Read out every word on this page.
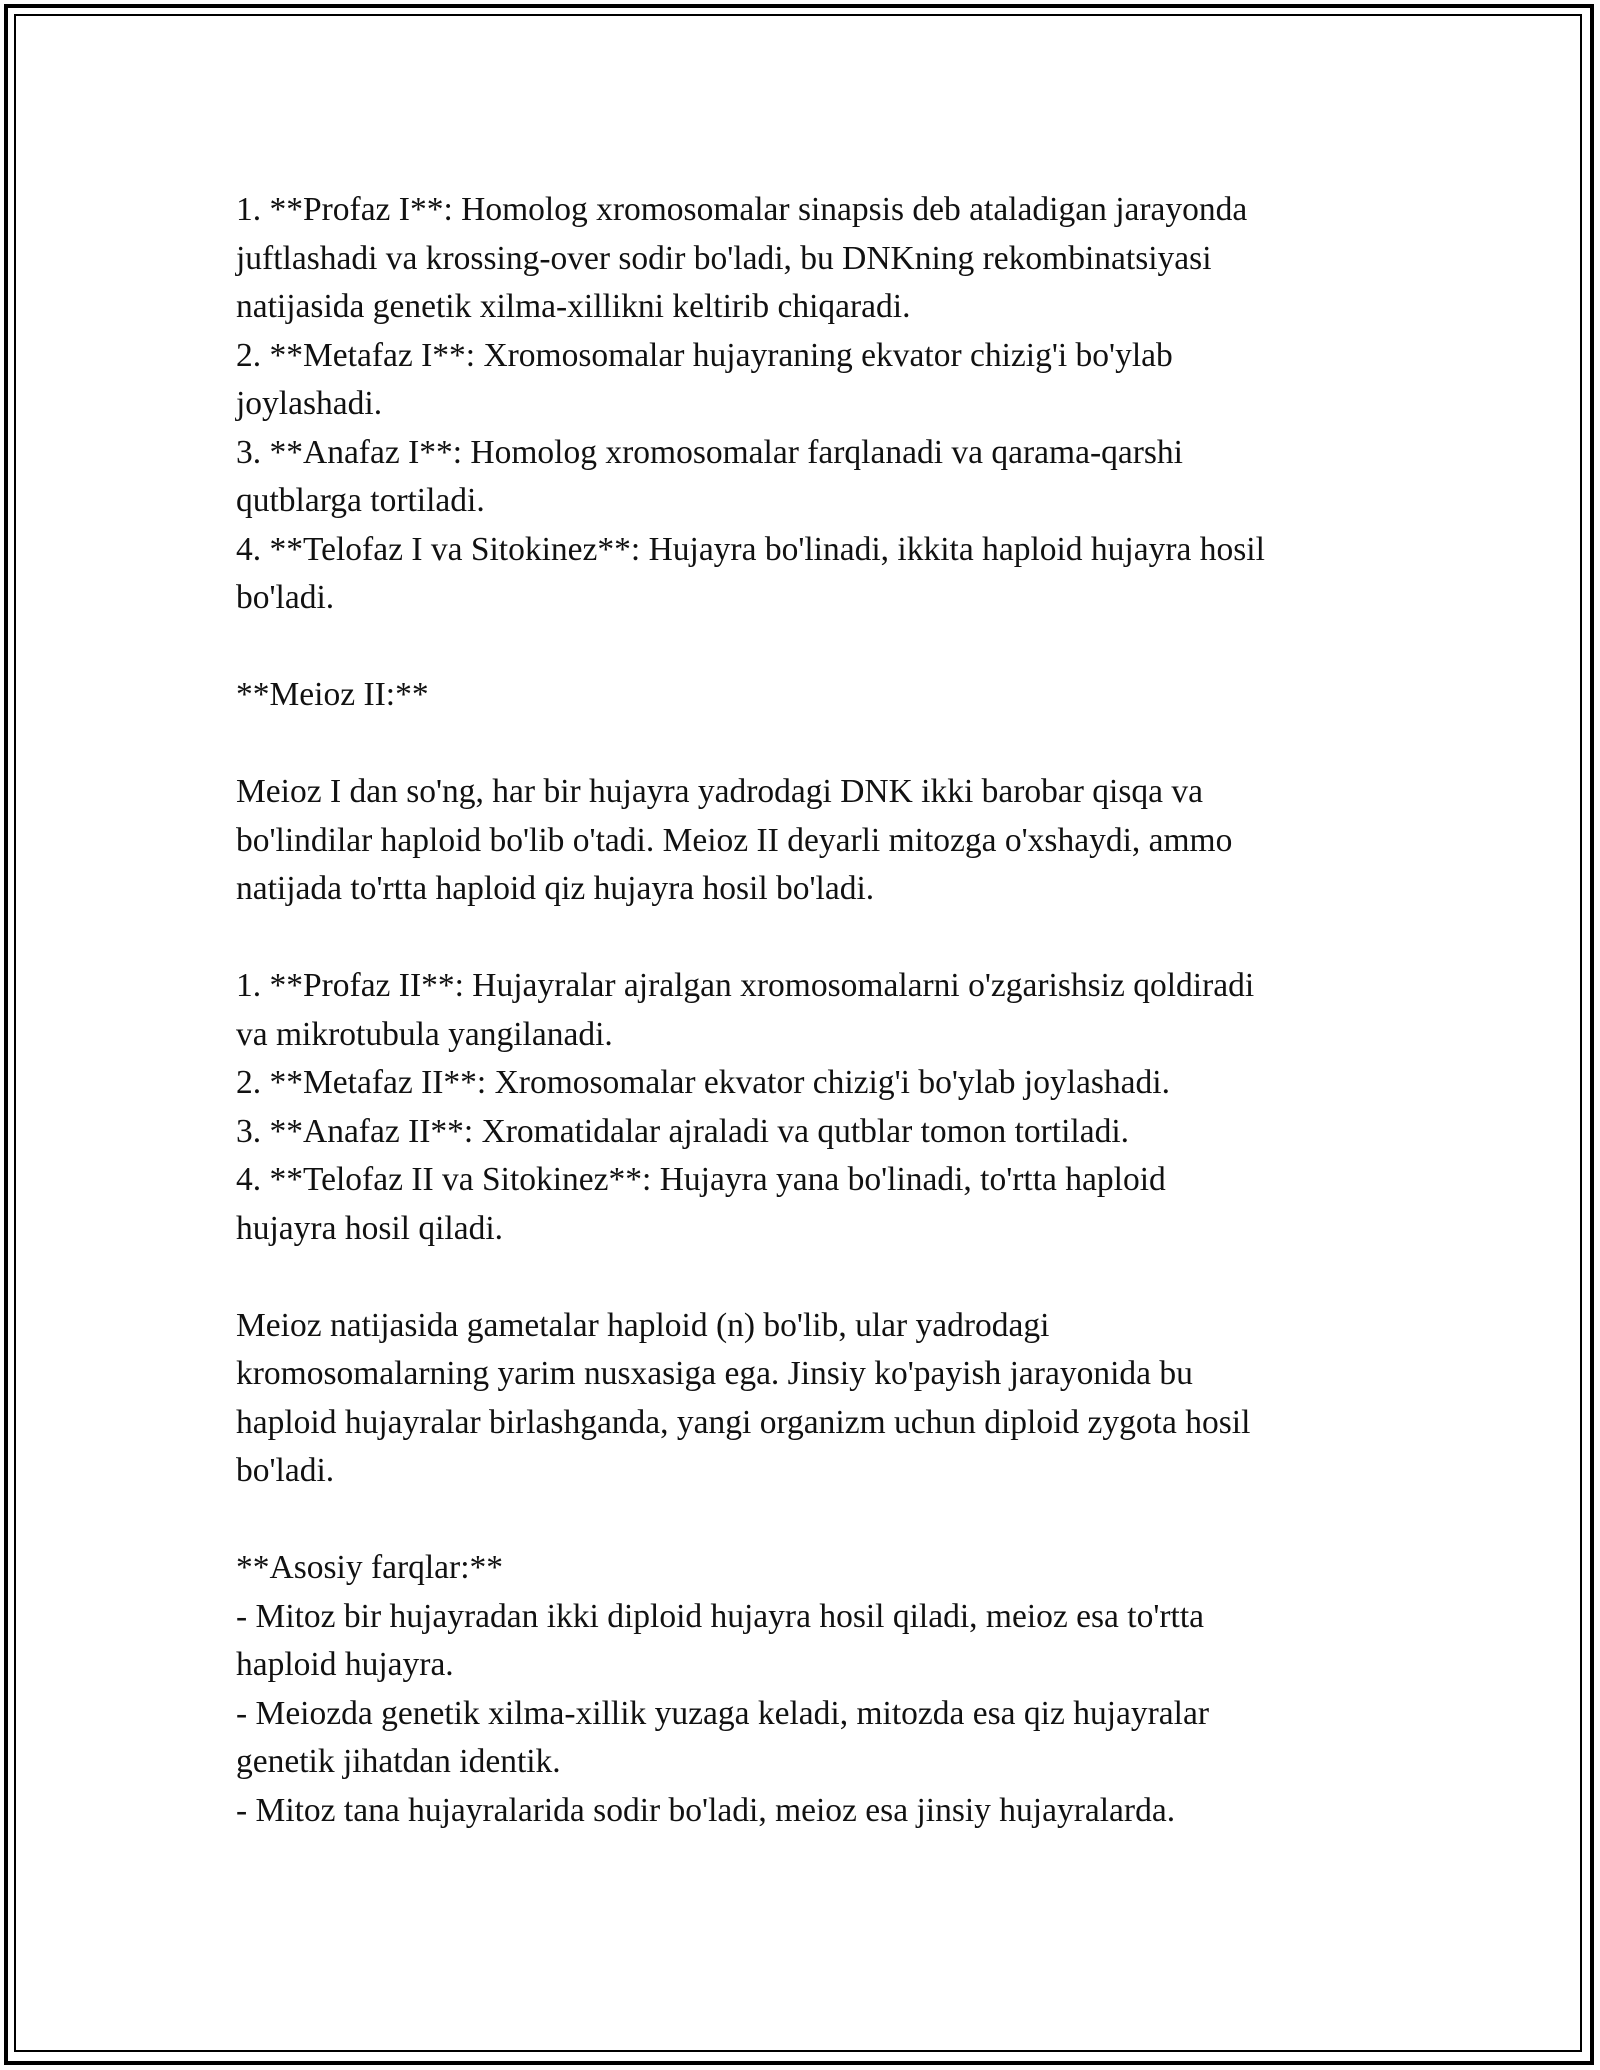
1. **Profaz I**: Homolog xromosomalar sinapsis deb ataladigan jarayonda
juftlashadi va krossing-over sodir bo'ladi, bu DNKning rekombinatsiyasi
natijasida genetik xilma-xillikni keltirib chiqaradi.
2. **Metafaz I**: Xromosomalar hujayraning ekvator chizig'i bo'ylab
joylashadi.
3. **Anafaz I**: Homolog xromosomalar farqlanadi va qarama-qarshi
qutblarga tortiladi.
4. **Telofaz I va Sitokinez**: Hujayra bo'linadi, ikkita haploid hujayra hosil
bo'ladi.
**Meioz II:**
Meioz I dan so'ng, har bir hujayra yadrodagi DNK ikki barobar qisqa va
bo'lindilar haploid bo'lib o'tadi. Meioz II deyarli mitozga o'xshaydi, ammo
natijada to'rtta haploid qiz hujayra hosil bo'ladi.
1. **Profaz II**: Hujayralar ajralgan xromosomalarni o'zgarishsiz qoldiradi
va mikrotubula yangilanadi.
2. **Metafaz II**: Xromosomalar ekvator chizig'i bo'ylab joylashadi.
3. **Anafaz II**: Xromatidalar ajraladi va qutblar tomon tortiladi.
4. **Telofaz II va Sitokinez**: Hujayra yana bo'linadi, to'rtta haploid
hujayra hosil qiladi.
Meioz natijasida gametalar haploid (n) bo'lib, ular yadrodagi
kromosomalarning yarim nusxasiga ega. Jinsiy ko'payish jarayonida bu
haploid hujayralar birlashganda, yangi organizm uchun diploid zygota hosil
bo'ladi.
**Asosiy farqlar:**
- Mitoz bir hujayradan ikki diploid hujayra hosil qiladi, meioz esa to'rtta
haploid hujayra.
- Meiozda genetik xilma-xillik yuzaga keladi, mitozda esa qiz hujayralar
genetik jihatdan identik.
- Mitoz tana hujayralarida sodir bo'ladi, meioz esa jinsiy hujayralarda.
